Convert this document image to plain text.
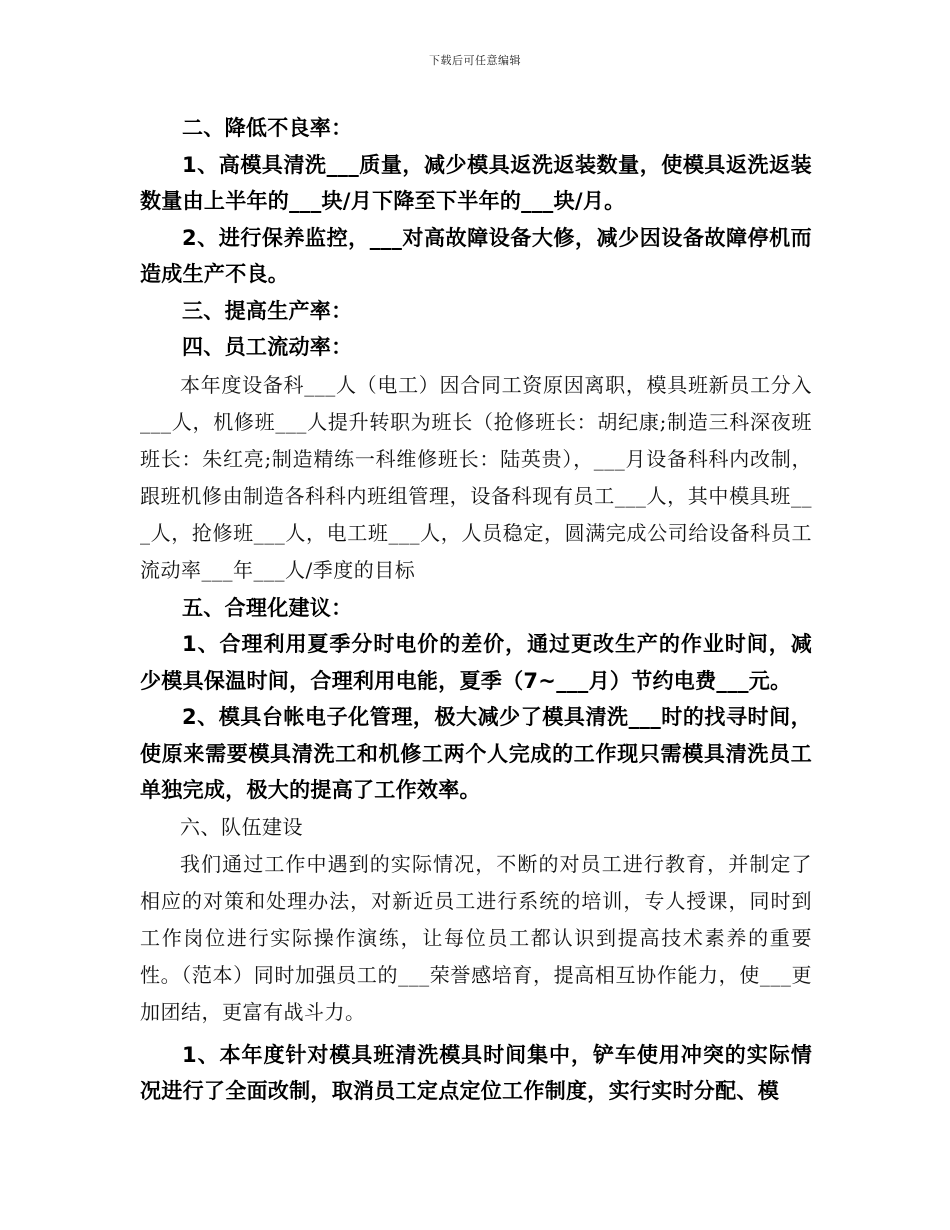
下载后可任意编辑

二、降低不良率：

1、高模具清洗___质量，减少模具返洗返装数量，使模具返洗返装数量由上半年的___块/月下降至下半年的___块/月。

2、进行保养监控，___对高故障设备大修，减少因设备故障停机而造成生产不良。

三、提高生产率：

四、员工流动率：

本年度设备科___人（电工）因合同工资原因离职，模具班新员工分入___人，机修班___人提升转职为班长（抢修班长：胡纪康;制造三科深夜班班长：朱红亮;制造精练一科维修班长：陆英贵），___月设备科科内改制，跟班机修由制造各科科内班组管理，设备科现有员工___人，其中模具班___人，抢修班___人，电工班___人，人员稳定，圆满完成公司给设备科员工流动率___年___人/季度的目标

五、合理化建议：

1、合理利用夏季分时电价的差价，通过更改生产的作业时间，减少模具保温时间，合理利用电能，夏季（7~___月）节约电费___元。

2、模具台帐电子化管理，极大减少了模具清洗___时的找寻时间，使原来需要模具清洗工和机修工两个人完成的工作现只需模具清洗员工单独完成，极大的提高了工作效率。

六、队伍建设

我们通过工作中遇到的实际情况，不断的对员工进行教育，并制定了相应的对策和处理办法，对新近员工进行系统的培训，专人授课，同时到工作岗位进行实际操作演练，让每位员工都认识到提高技术素养的重要性。（范本）同时加强员工的___荣誉感培育，提高相互协作能力，使___更加团结，更富有战斗力。

1、本年度针对模具班清洗模具时间集中，铲车使用冲突的实际情况进行了全面改制，取消员工定点定位工作制度，实行实时分配、模
